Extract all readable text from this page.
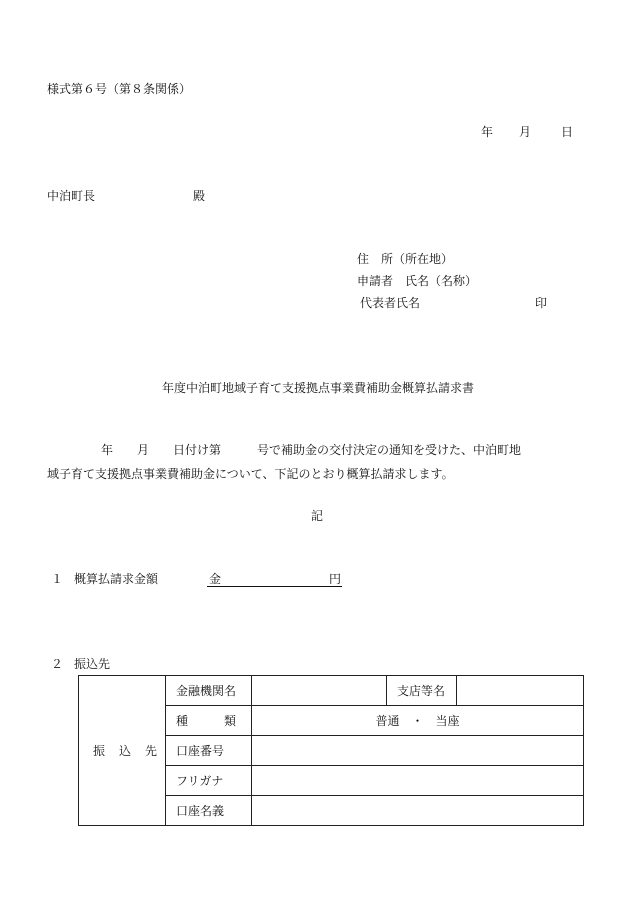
様式第６号（第８条関係）
年 月 日
中泊町長	殿
住　所（所在地）
申請者　氏名（名称）
代表者氏名	印
年度中泊町地域子育て支援拠点事業費補助金概算払請求書
年　　月　　日付け第　　　号で補助金の交付決定の通知を受けた、中泊町地
域子育て支援拠点事業費補助金について、下記のとおり概算払請求します。
記
１ 概算払請求金額	金	円
２ 振込先
振込先	金融機関名		支店等名	
	種　　　類	普通　・　当座		
	口座番号			
	フリガナ			
	口座名義			
